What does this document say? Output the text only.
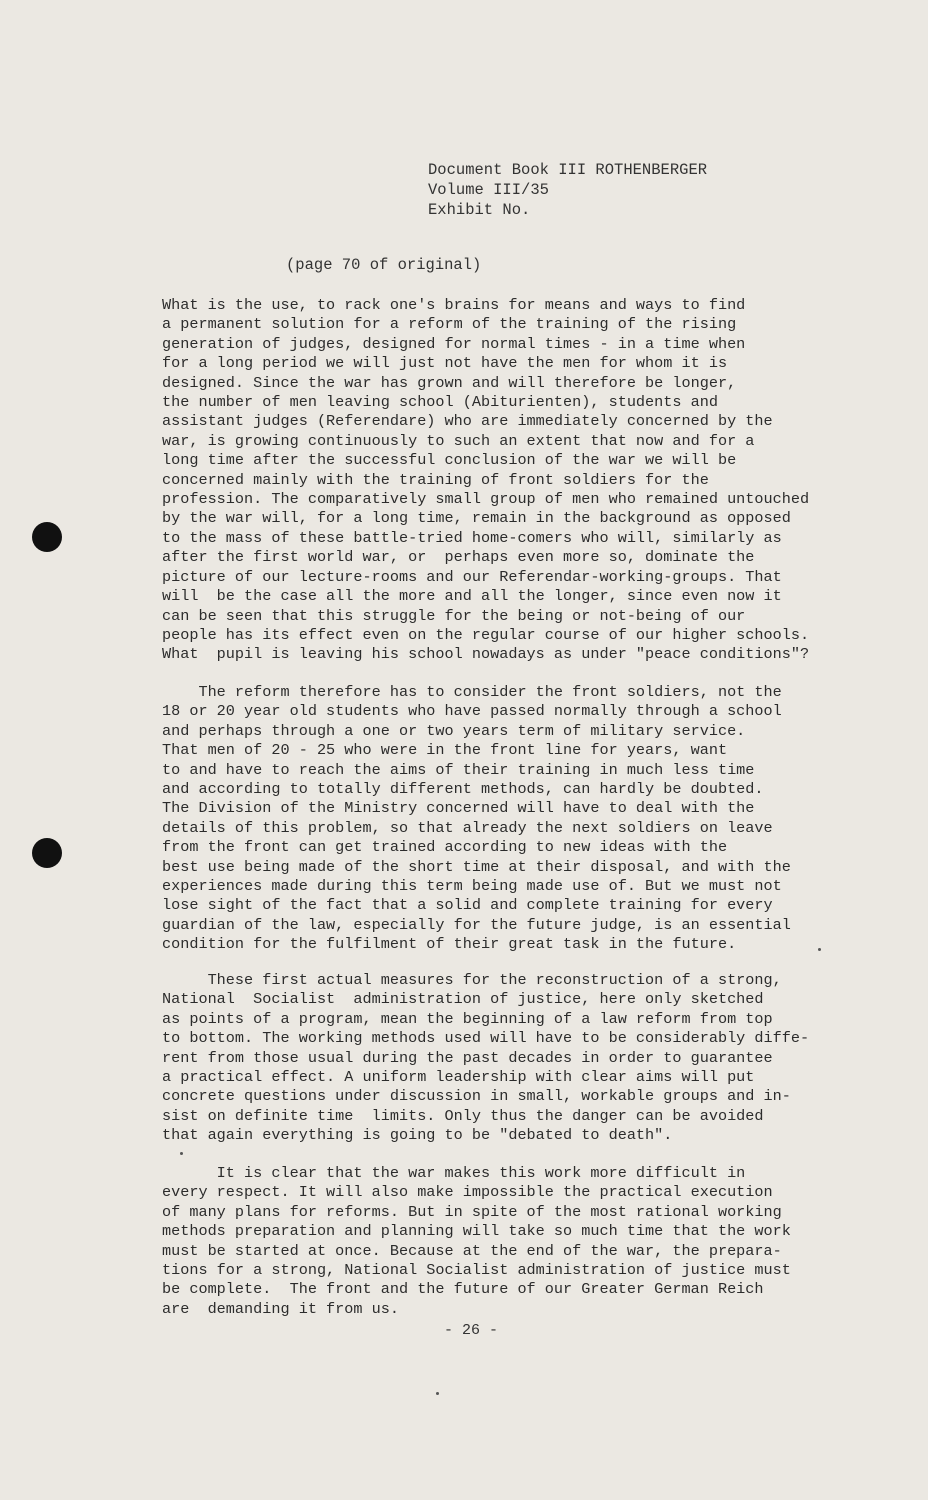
Document Book III ROTHENBERGER
Volume III/35
Exhibit No.
(page 70 of original)
What is the use, to rack one's brains for means and ways to find
a permanent solution for a reform of the training of the rising
generation of judges, designed for normal times - in a time when
for a long period we will just not have the men for whom it is
designed. Since the war has grown and will therefore be longer,
the number of men leaving school (Abiturienten), students and
assistant judges (Referendare) who are immediately concerned by the
war, is growing continuously to such an extent that now and for a
long time after the successful conclusion of the war we will be
concerned mainly with the training of front soldiers for the
profession. The comparatively small group of men who remained untouched
by the war will, for a long time, remain in the background as opposed
to the mass of these battle-tried home-comers who will, similarly as
after the first world war, or  perhaps even more so, dominate the
picture of our lecture-rooms and our Referendar-working-groups. That
will  be the case all the more and all the longer, since even now it
can be seen that this struggle for the being or not-being of our
people has its effect even on the regular course of our higher schools.
What  pupil is leaving his school nowadays as under "peace conditions"?
The reform therefore has to consider the front soldiers, not the
18 or 20 year old students who have passed normally through a school
and perhaps through a one or two years term of military service.
That men of 20 - 25 who were in the front line for years, want
to and have to reach the aims of their training in much less time
and according to totally different methods, can hardly be doubted.
The Division of the Ministry concerned will have to deal with the
details of this problem, so that already the next soldiers on leave
from the front can get trained according to new ideas with the
best use being made of the short time at their disposal, and with the
experiences made during this term being made use of. But we must not
lose sight of the fact that a solid and complete training for every
guardian of the law, especially for the future judge, is an essential
condition for the fulfilment of their great task in the future.
These first actual measures for the reconstruction of a strong,
National  Socialist  administration of justice, here only sketched
as points of a program, mean the beginning of a law reform from top
to bottom. The working methods used will have to be considerably diffe-
rent from those usual during the past decades in order to guarantee
a practical effect. A uniform leadership with clear aims will put
concrete questions under discussion in small, workable groups and in-
sist on definite time  limits. Only thus the danger can be avoided
that again everything is going to be "debated to death".
It is clear that the war makes this work more difficult in
every respect. It will also make impossible the practical execution
of many plans for reforms. But in spite of the most rational working
methods preparation and planning will take so much time that the work
must be started at once. Because at the end of the war, the prepara-
tions for a strong, National Socialist administration of justice must
be complete.  The front and the future of our Greater German Reich
are  demanding it from us.
- 26 -
